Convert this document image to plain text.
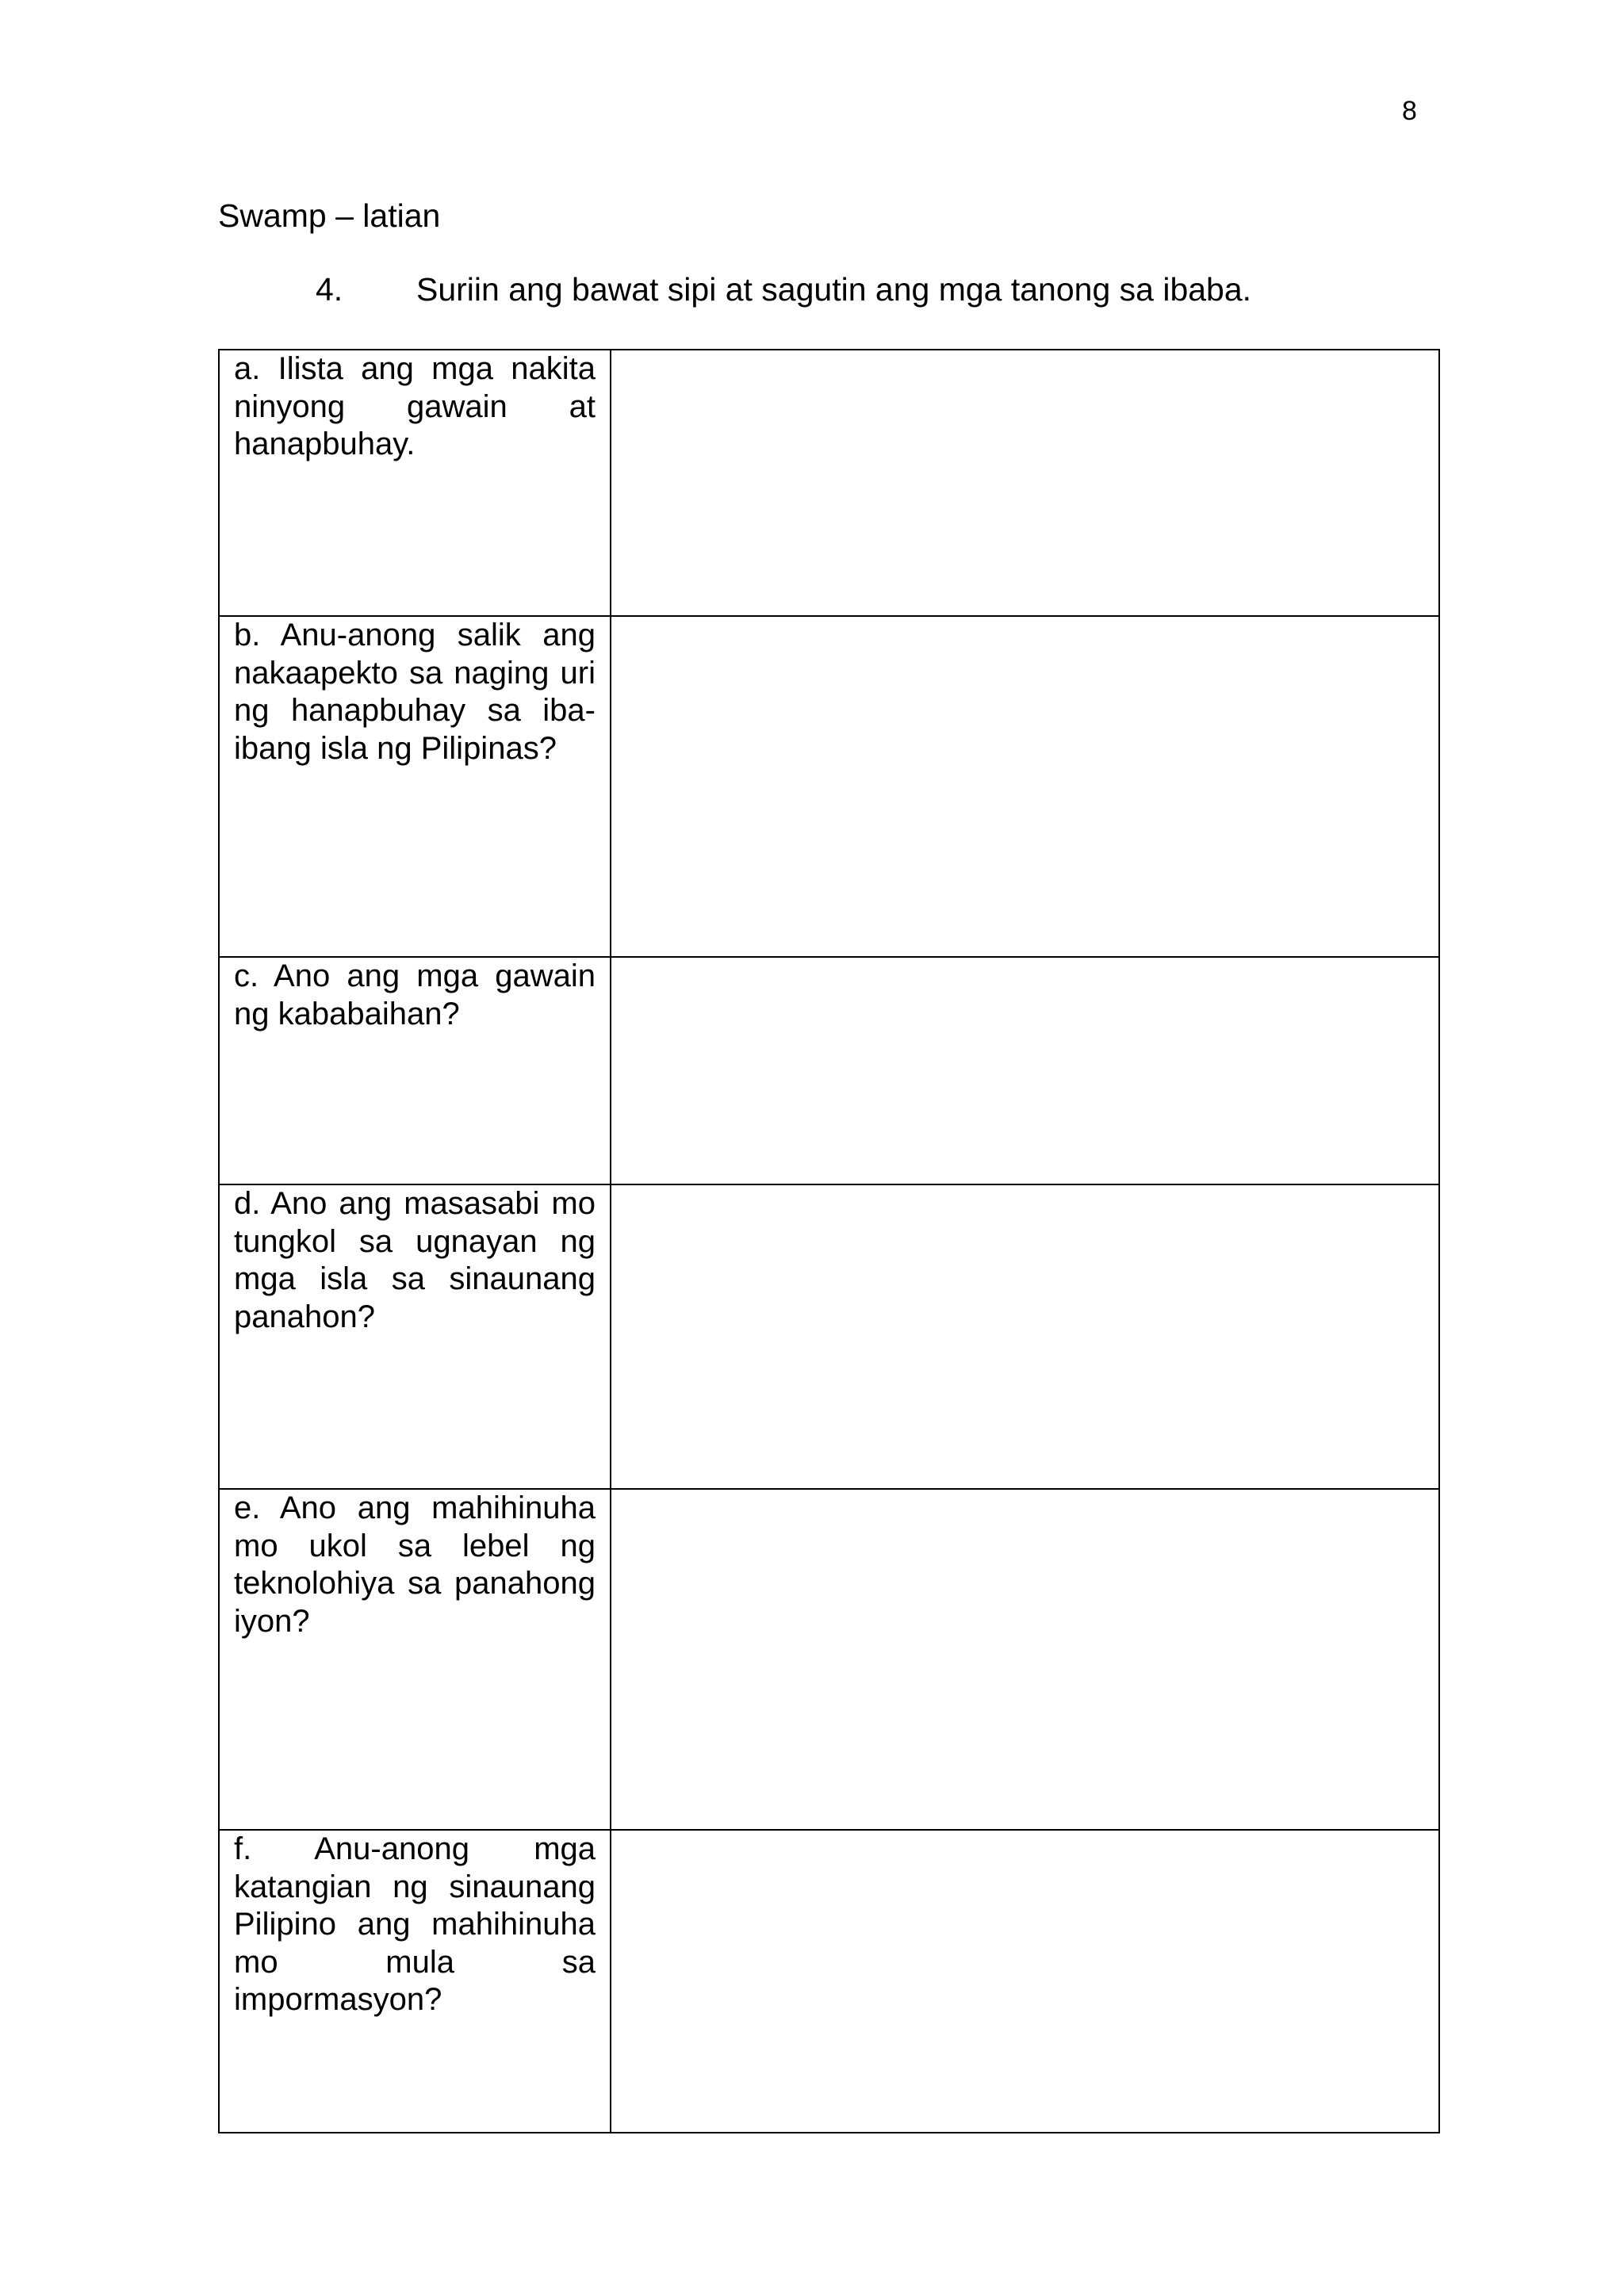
8
Swamp – latian
4. Suriin ang bawat sipi at sagutin ang mga tanong sa ibaba.
a. Ilista ang mga nakita ninyong gawain at hanapbuhay.	

b. Anu-anong salik ang nakaapekto sa naging uri ng hanapbuhay sa iba-ibang isla ng Pilipinas?	

c. Ano ang mga gawain ng kababaihan?	

d. Ano ang masasabi mo tungkol sa ugnayan ng mga isla sa sinaunang panahon?	

e. Ano ang mahihinuha mo ukol sa lebel ng teknolohiya sa panahong iyon?	

f. Anu-anong mga katangian ng sinaunang Pilipino ang mahihinuha mo mula sa impormasyon?	
